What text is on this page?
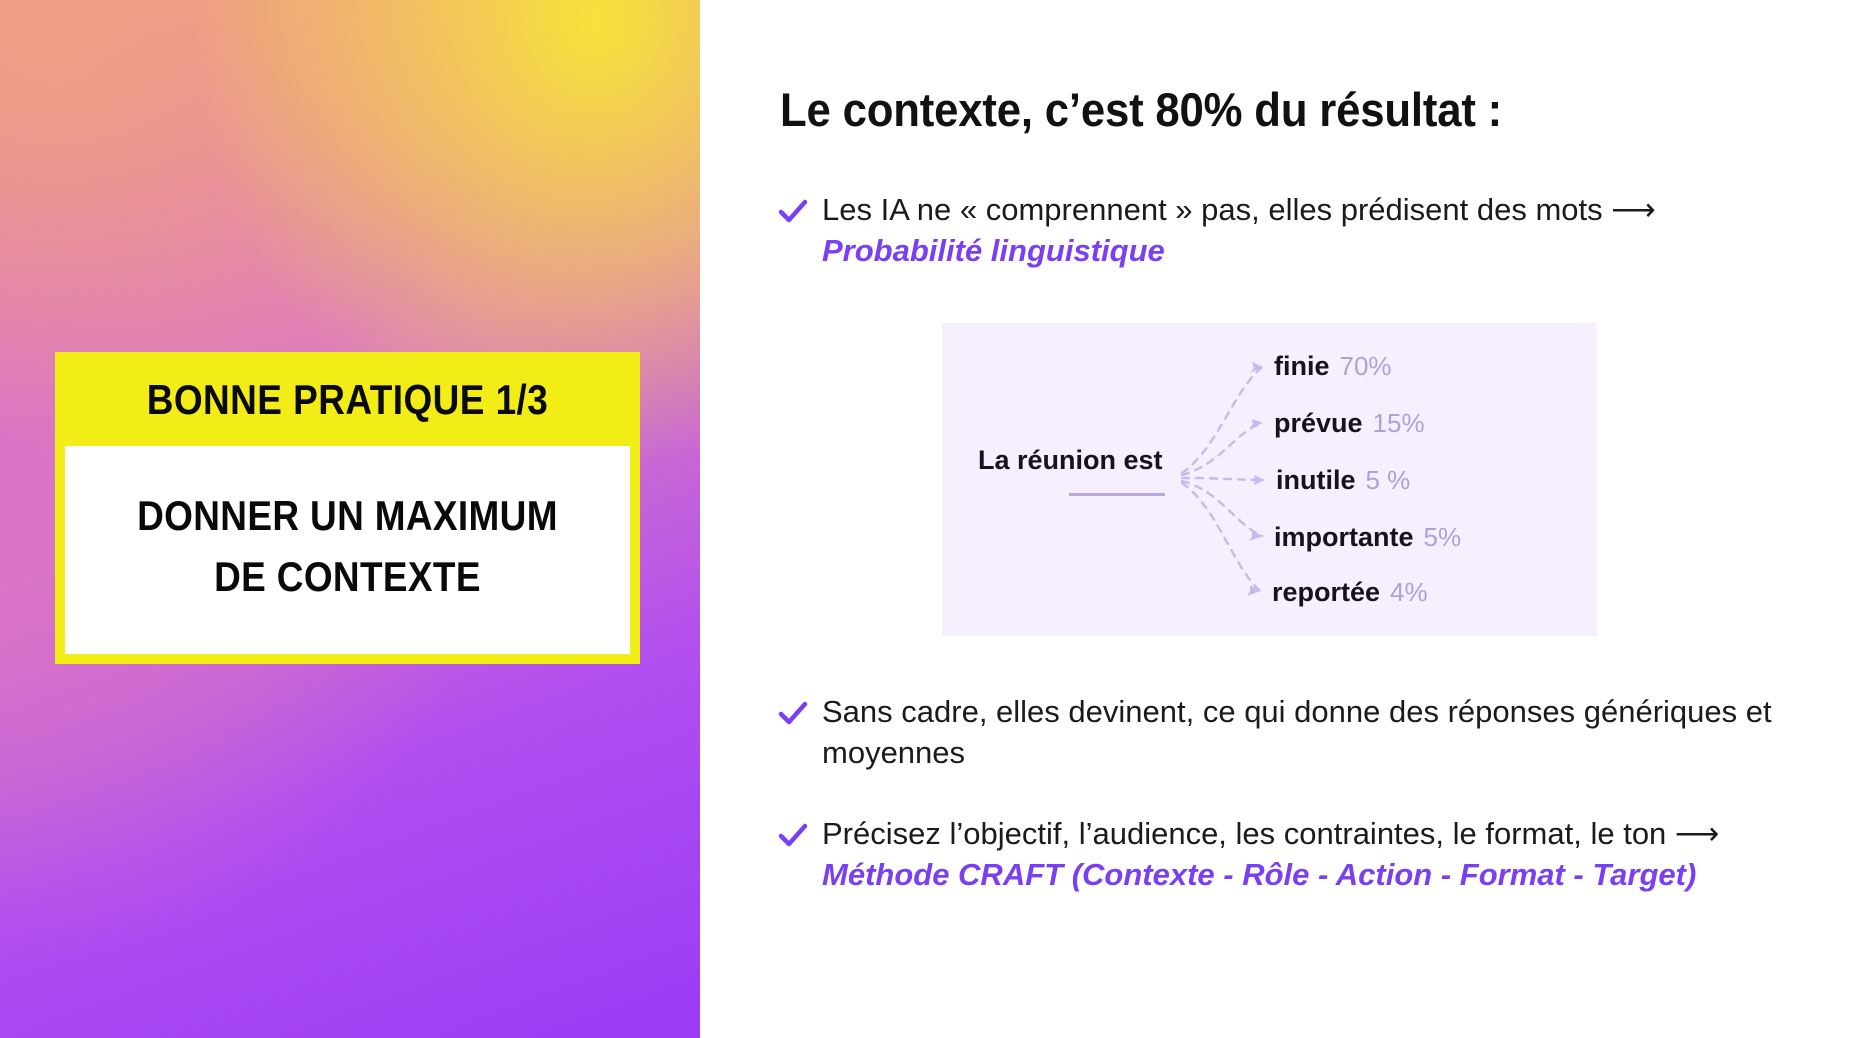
BONNE PRATIQUE 1/3
DONNER UN MAXIMUM DE CONTEXTE
Le contexte, c’est 80% du résultat :
Les IA ne « comprennent » pas, elles prédisent des mots ⟶ Probabilité linguistique
La réunion est
finie 70%
prévue 15%
inutile 5 %
importante 5%
reportée 4%
Sans cadre, elles devinent, ce qui donne des réponses génériques et moyennes
Précisez l’objectif, l’audience, les contraintes, le format, le ton ⟶ Méthode CRAFT (Contexte - Rôle - Action - Format - Target)
